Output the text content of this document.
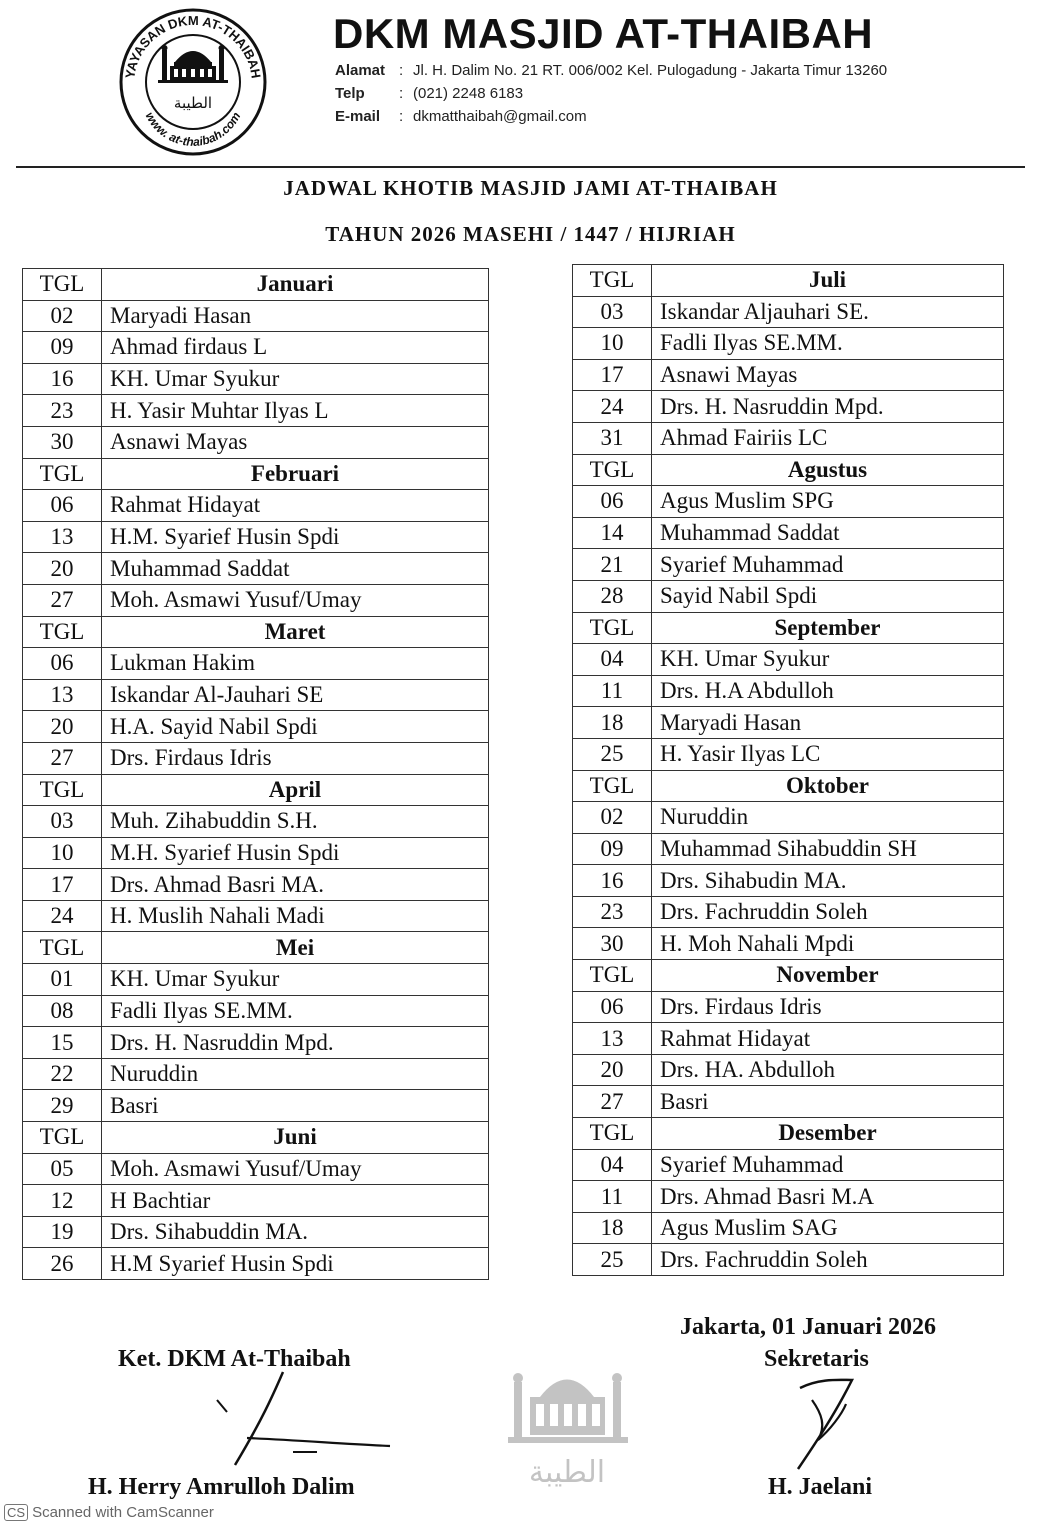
YAYASAN DKM AT-THAIBAH
www. at-thaibah.com
الطيبة
DKM MASJID AT-THAIBAH
Alamat : Jl. H. Dalim No. 21 RT. 006/002 Kel. Pulogadung - Jakarta Timur 13260
Telp : (021) 2248 6183
E-mail : dkmatthaibah@gmail.com
JADWAL KHOTIB MASJID JAMI AT-THAIBAH
TAHUN 2026 MASEHI / 1447 / HIJRIAH
TGL	Januari
02	Maryadi Hasan
09	Ahmad firdaus L
16	KH. Umar Syukur
23	H. Yasir Muhtar Ilyas L
30	Asnawi Mayas
TGL	Februari
06	Rahmat Hidayat
13	H.M. Syarief Husin Spdi
20	Muhammad Saddat
27	Moh. Asmawi Yusuf/Umay
TGL	Maret
06	Lukman Hakim
13	Iskandar Al-Jauhari SE
20	H.A. Sayid Nabil Spdi
27	Drs. Firdaus Idris
TGL	April
03	Muh. Zihabuddin S.H.
10	M.H. Syarief Husin Spdi
17	Drs. Ahmad Basri MA.
24	H. Muslih Nahali Madi
TGL	Mei
01	KH. Umar Syukur
08	Fadli Ilyas SE.MM.
15	Drs. H. Nasruddin Mpd.
22	Nuruddin
29	Basri
TGL	Juni
05	Moh. Asmawi Yusuf/Umay
12	H Bachtiar
19	Drs. Sihabuddin MA.
26	H.M Syarief Husin Spdi
TGL	Juli
03	Iskandar Aljauhari SE.
10	Fadli Ilyas SE.MM.
17	Asnawi Mayas
24	Drs. H. Nasruddin Mpd.
31	Ahmad Fairiis LC
TGL	Agustus
06	Agus Muslim SPG
14	Muhammad Saddat
21	Syarief Muhammad
28	Sayid Nabil Spdi
TGL	September
04	KH. Umar Syukur
11	Drs. H.A Abdulloh
18	Maryadi Hasan
25	H. Yasir Ilyas LC
TGL	Oktober
02	Nuruddin
09	Muhammad Sihabuddin SH
16	Drs. Sihabudin MA.
23	Drs. Fachruddin Soleh
30	H. Moh Nahali Mpdi
TGL	November
06	Drs. Firdaus Idris
13	Rahmat Hidayat
20	Drs. HA. Abdulloh
27	Basri
TGL	Desember
04	Syarief Muhammad
11	Drs. Ahmad Basri M.A
18	Agus Muslim SAG
25	Drs. Fachruddin Soleh
Jakarta, 01 Januari 2026
Ket. DKM At-Thaibah	Sekretaris
الطيبة
H. Herry Amrulloh Dalim	H. Jaelani
CS Scanned with CamScanner
